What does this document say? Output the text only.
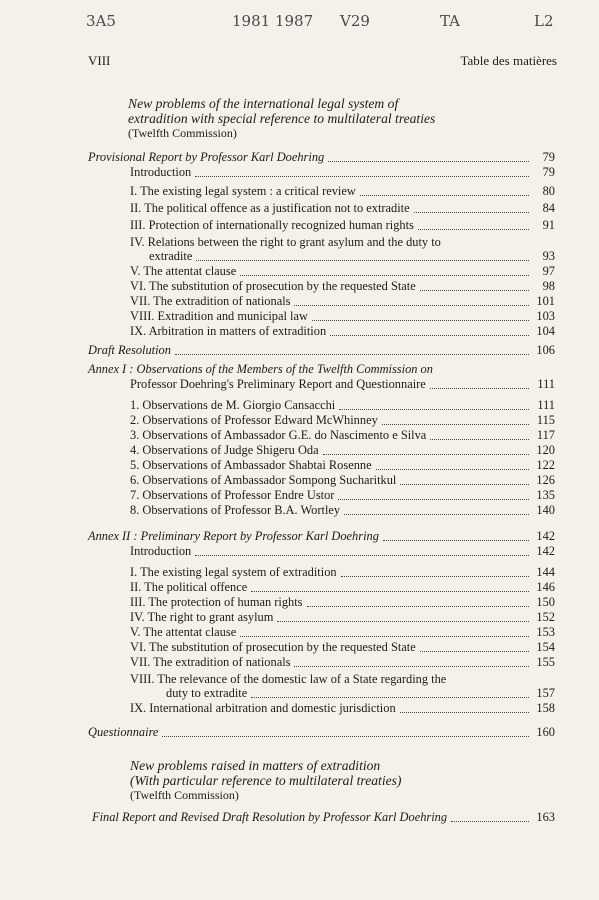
3A5	1981 1987 V29	TA	L2
VIII	Table des matières
New problems of the international legal system of
extradition with special reference to multilateral treaties
(Twelfth Commission)
Provisional Report by Professor Karl Doehring	79
Introduction	79
I. The existing legal system : a critical review	80
II. The political offence as a justification not to extradite	84
III. Protection of internationally recognized human rights	91
IV. Relations between the right to grant asylum and the duty to
extradite	93
V. The attentat clause	97
VI. The substitution of prosecution by the requested State	98
VII. The extradition of nationals	101
VIII. Extradition and municipal law	103
IX. Arbitration in matters of extradition	104
Draft Resolution	106
Annex I : Observations of the Members of the Twelfth Commission on
Professor Doehring's Preliminary Report and Questionnaire	111
1. Observations de M. Giorgio Cansacchi	111
2. Observations of Professor Edward McWhinney	115
3. Observations of Ambassador G.E. do Nascimento e Silva	117
4. Observations of Judge Shigeru Oda	120
5. Observations of Ambassador Shabtai Rosenne	122
6. Observations of Ambassador Sompong Sucharitkul	126
7. Observations of Professor Endre Ustor	135
8. Observations of Professor B.A. Wortley	140
Annex II : Preliminary Report by Professor Karl Doehring	142
Introduction	142
I. The existing legal system of extradition	144
II. The political offence	146
III. The protection of human rights	150
IV. The right to grant asylum	152
V. The attentat clause	153
VI. The substitution of prosecution by the requested State	154
VII. The extradition of nationals	155
VIII. The relevance of the domestic law of a State regarding the
duty to extradite	157
IX. International arbitration and domestic jurisdiction	158
Questionnaire	160
New problems raised in matters of extradition
(With particular reference to multilateral treaties)
(Twelfth Commission)
Final Report and Revised Draft Resolution by Professor Karl Doehring	163
